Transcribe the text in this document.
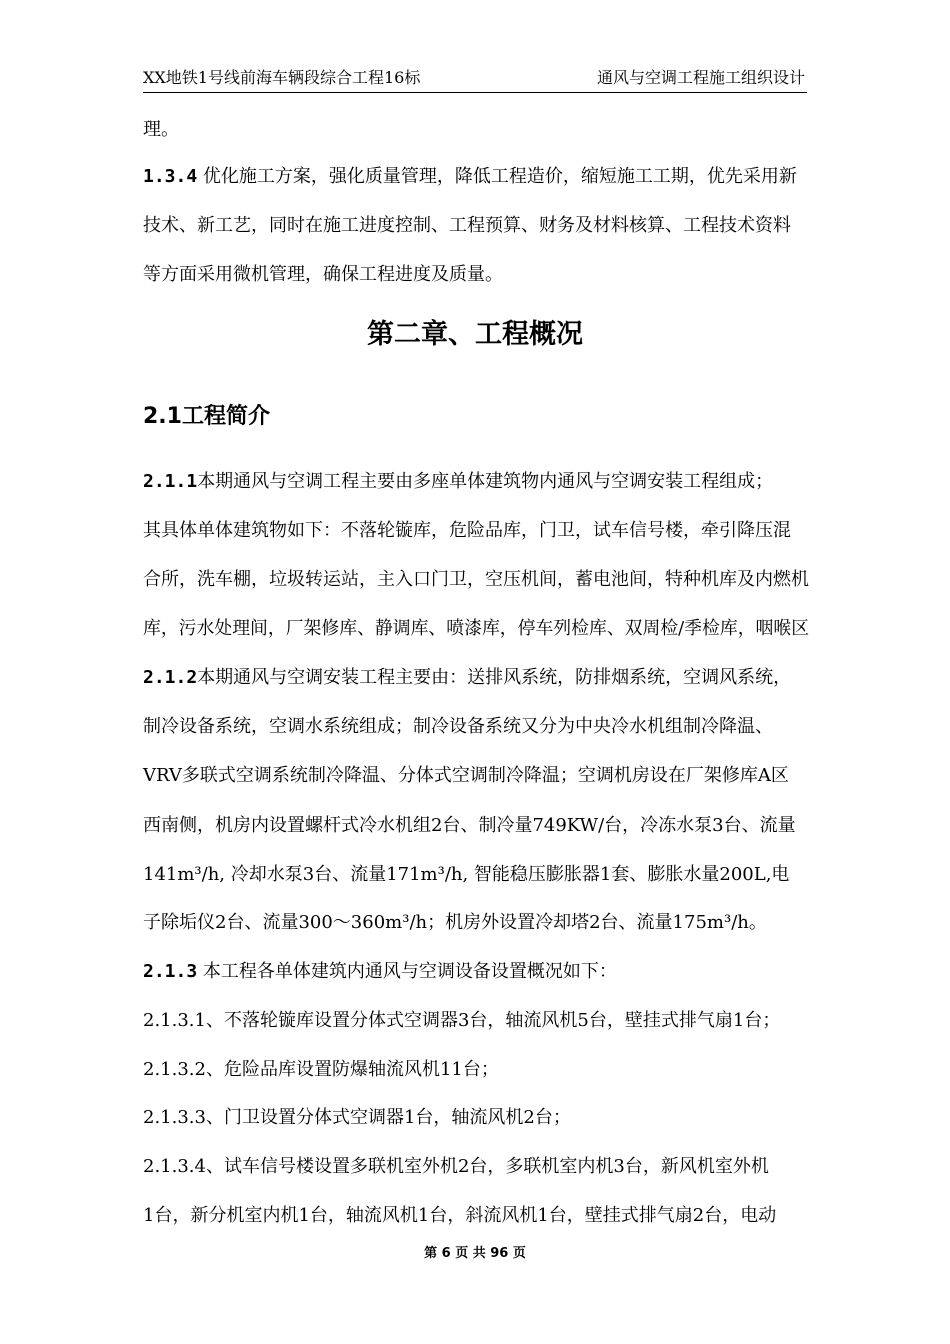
XX地铁1号线前海车辆段综合工程16标	通风与空调工程施工组织设计
理。
1.3.4 优化施工方案，强化质量管理，降低工程造价，缩短施工工期，优先采用新
技术、新工艺，同时在施工进度控制、工程预算、财务及材料核算、工程技术资料
等方面采用微机管理，确保工程进度及质量。
第二章、工程概况
2.1工程简介
2.1.1本期通风与空调工程主要由多座单体建筑物内通风与空调安装工程组成；
其具体单体建筑物如下：不落轮镟库，危险品库，门卫，试车信号楼，牵引降压混
合所，洗车棚，垃圾转运站，主入口门卫，空压机间，蓄电池间，特种机库及内燃机
库，污水处理间，厂架修库、静调库、喷漆库，停车列检库、双周检/季检库，咽喉区
2.1.2本期通风与空调安装工程主要由：送排风系统，防排烟系统，空调风系统，
制冷设备系统，空调水系统组成；制冷设备系统又分为中央冷水机组制冷降温、
VRV多联式空调系统制冷降温、分体式空调制冷降温；空调机房设在厂架修库A区
西南侧，机房内设置螺杆式冷水机组2台、制冷量749KW/台，冷冻水泵3台、流量
141m³/h, 冷却水泵3台、流量171m³/h, 智能稳压膨胀器1套、膨胀水量200L,电
子除垢仪2台、流量300～360m³/h；机房外设置冷却塔2台、流量175m³/h。
2.1.3 本工程各单体建筑内通风与空调设备设置概况如下：
2.1.3.1、不落轮镟库设置分体式空调器3台，轴流风机5台，壁挂式排气扇1台；
2.1.3.2、危险品库设置防爆轴流风机11台；
2.1.3.3、门卫设置分体式空调器1台，轴流风机2台；
2.1.3.4、试车信号楼设置多联机室外机2台，多联机室内机3台，新风机室外机
1台，新分机室内机1台，轴流风机1台，斜流风机1台，壁挂式排气扇2台，电动
第 6 页 共 96 页
